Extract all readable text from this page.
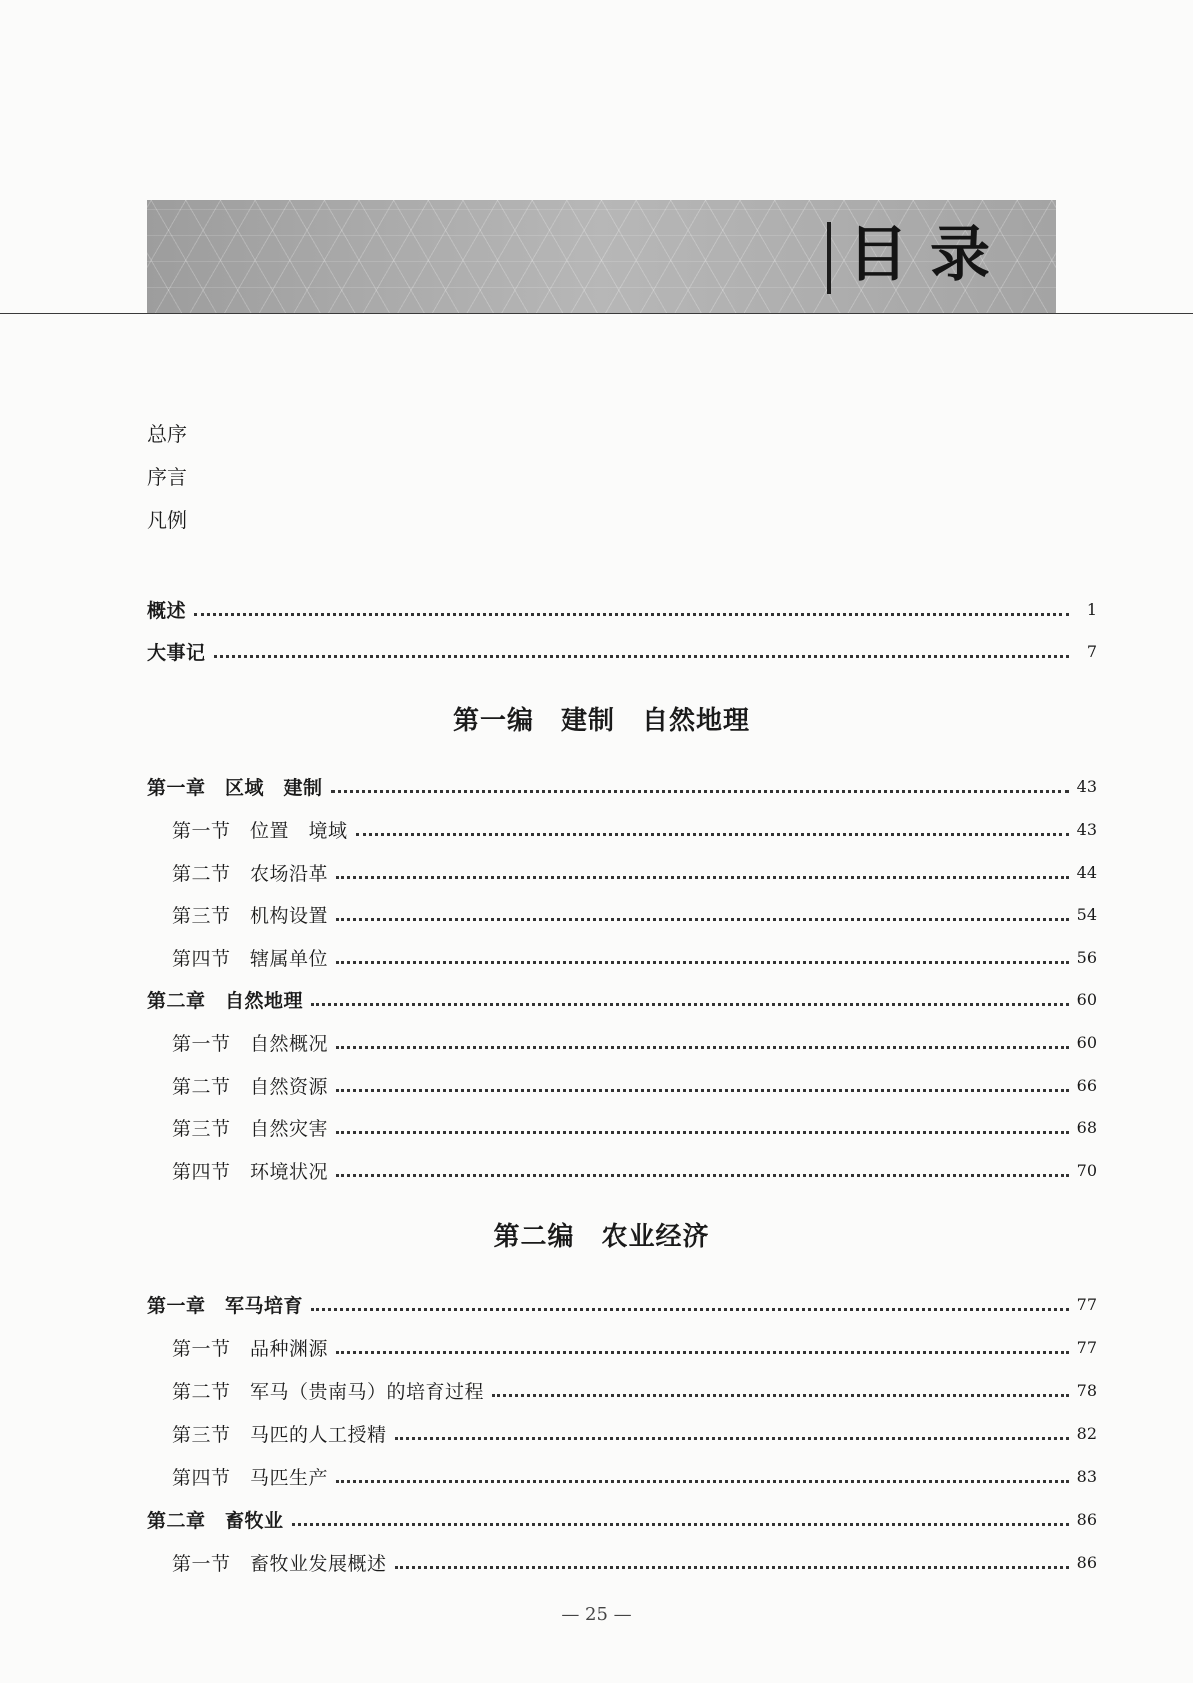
目录
总序
序言
凡例
概述	1
大事记	7
第一编　建制　自然地理
第一章　区域　建制	43
第一节　位置　境域	43
第二节　农场沿革	44
第三节　机构设置	54
第四节　辖属单位	56
第二章　自然地理	60
第一节　自然概况	60
第二节　自然资源	66
第三节　自然灾害	68
第四节　环境状况	70
第二编　农业经济
第一章　军马培育	77
第一节　品种渊源	77
第二节　军马（贵南马）的培育过程	78
第三节　马匹的人工授精	82
第四节　马匹生产	83
第二章　畜牧业	86
第一节　畜牧业发展概述	86
— 25 —
